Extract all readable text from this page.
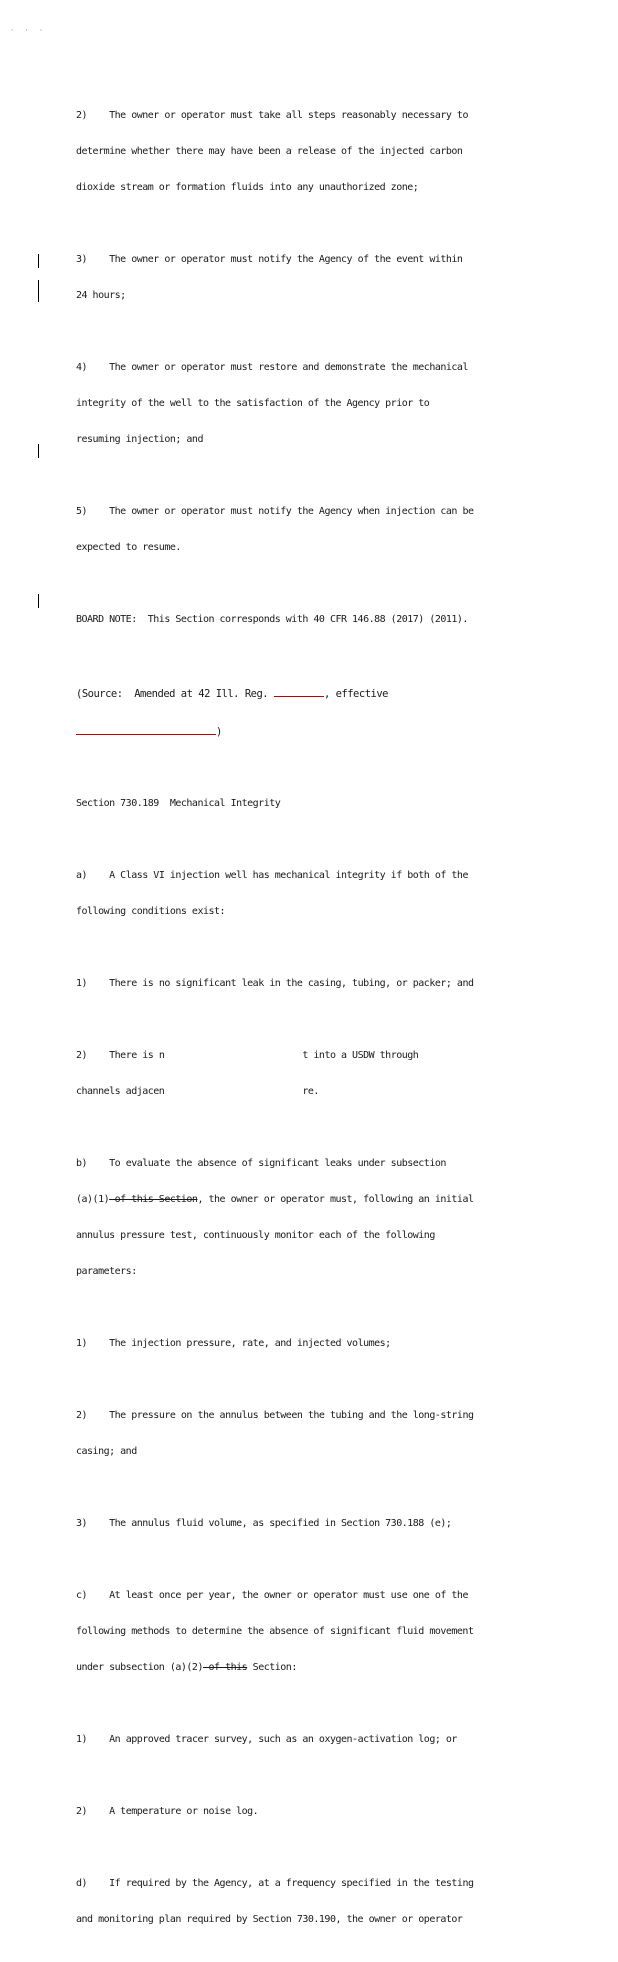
' ' '

2) The owner or operator must take all steps reasonably necessary to

determine whether there may have been a release of the injected carbon

dioxide stream or formation fluids into any unauthorized zone;

3) The owner or operator must notify the Agency of the event within

24 hours;

4) The owner or operator must restore and demonstrate the mechanical

integrity of the well to the satisfaction of the Agency prior to

resuming injection; and

5) The owner or operator must notify the Agency when injection can be

expected to resume.

BOARD NOTE:  This Section corresponds with 40 CFR 146.88 (2017) (2011).

(Source:  Amended at 42 Ill. Reg.	, effective

)

Section 730.189  Mechanical Integrity

a) A Class VI injection well has mechanical integrity if both of the

following conditions exist:

1) There is no significant leak in the casing, tubing, or packer; and

2) There is n	t into a USDW through

channels adjacen	re.

b) To evaluate the absence of significant leaks under subsection

(a)(1) of this Section, the owner or operator must, following an initial

annulus pressure test, continuously monitor each of the following

parameters:

1) The injection pressure, rate, and injected volumes;

2) The pressure on the annulus between the tubing and the long-string

casing; and

3) The annulus fluid volume, as specified in Section 730.188 (e);

c) At least once per year, the owner or operator must use one of the

following methods to determine the absence of significant fluid movement

under subsection (a)(2) of this Section:

1) An approved tracer survey, such as an oxygen-activation log; or

2) A temperature or noise log.

d) If required by the Agency, at a frequency specified in the testing

and monitoring plan required by Section 730.190, the owner or operator
